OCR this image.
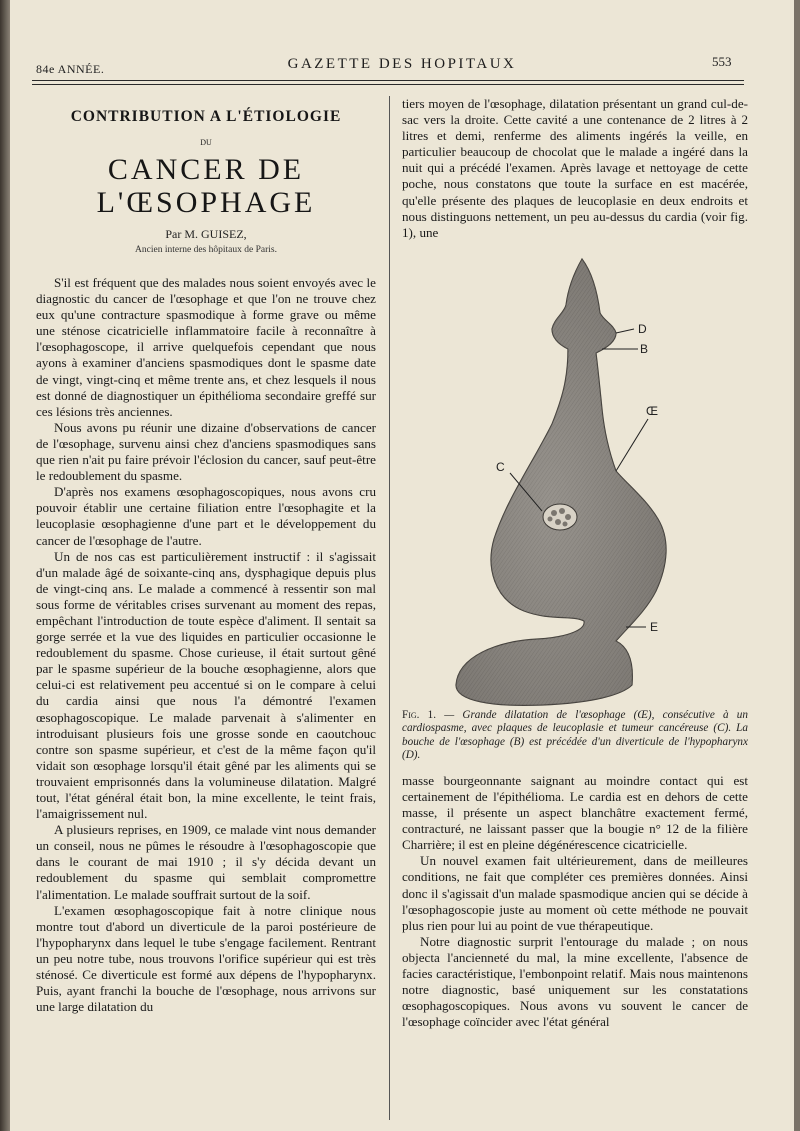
84e ANNÉE.	GAZETTE DES HOPITAUX	553
CONTRIBUTION A L'ÉTIOLOGIE
DU
CANCER DE L'ŒSOPHAGE
Par M. GUISEZ,
Ancien interne des hôpitaux de Paris.

S'il est fréquent que des malades nous soient envoyés avec le diagnostic du cancer de l'œsophage et que l'on ne trouve chez eux qu'une contracture spasmodique à forme grave ou même une sténose cicatricielle inflammatoire facile à reconnaître à l'œsophagoscope, il arrive quelquefois cependant que nous ayons à examiner d'anciens spasmodiques dont le spasme date de vingt, vingt-cinq et même trente ans, et chez lesquels il nous est donné de diagnostiquer un épithélioma secondaire greffé sur ces lésions très anciennes.

Nous avons pu réunir une dizaine d'observations de cancer de l'œsophage, survenu ainsi chez d'anciens spasmodiques sans que rien n'ait pu faire prévoir l'éclosion du cancer, sauf peut-être le redoublement du spasme.

D'après nos examens œsophagoscopiques, nous avons cru pouvoir établir une certaine filiation entre l'œsophagite et la leucoplasie œsophagienne d'une part et le développement du cancer de l'œsophage de l'autre.

Un de nos cas est particulièrement instructif : il s'agissait d'un malade âgé de soixante-cinq ans, dysphagique depuis plus de vingt-cinq ans. Le malade a commencé à ressentir son mal sous forme de véritables crises survenant au moment des repas, empêchant l'introduction de toute espèce d'aliment. Il sentait sa gorge serrée et la vue des liquides en particulier occasionne le redoublement du spasme. Chose curieuse, il était surtout gêné par le spasme supérieur de la bouche œsophagienne, alors que celui-ci est relativement peu accentué si on le compare à celui du cardia ainsi que nous l'a démontré l'examen œsophagoscopique. Le malade parvenait à s'alimenter en introduisant plusieurs fois une grosse sonde en caoutchouc contre son spasme supérieur, et c'est de la même façon qu'il vidait son œsophage lorsqu'il était gêné par les aliments qui se trouvaient emprisonnés dans la volumineuse dilatation. Malgré tout, l'état général était bon, la mine excellente, le teint frais, l'amaigrissement nul.

A plusieurs reprises, en 1909, ce malade vint nous demander un conseil, nous ne pûmes le résoudre à l'œsophagoscopie que dans le courant de mai 1910 ; il s'y décida devant un redoublement du spasme qui semblait compromettre l'alimentation. Le malade souffrait surtout de la soif.

L'examen œsophagoscopique fait à notre clinique nous montre tout d'abord un diverticule de la paroi postérieure de l'hypopharynx dans lequel le tube s'engage facilement. Rentrant un peu notre tube, nous trouvons l'orifice supérieur qui est très sténosé. Ce diverticule est formé aux dépens de l'hypopharynx. Puis, ayant franchi la bouche de l'œsophage, nous arrivons sur une large dilatation du

tiers moyen de l'œsophage, dilatation présentant un grand cul-de-sac vers la droite. Cette cavité a une contenance de 2 litres à 2 litres et demi, renferme des aliments ingérés la veille, en particulier beaucoup de chocolat que le malade a ingéré dans la nuit qui a précédé l'examen. Après lavage et nettoyage de cette poche, nous constatons que toute la surface en est macérée, qu'elle présente des plaques de leucoplasie en deux endroits et nous distinguons nettement, un peu au-dessus du cardia (voir fig. 1), une

D
B
Œ
C
E

Fig. 1. — Grande dilatation de l'œsophage (Œ), consécutive à un cardiospasme, avec plaques de leucoplasie et tumeur cancéreuse (C). La bouche de l'œsophage (B) est précédée d'un diverticule de l'hypopharynx (D).

masse bourgeonnante saignant au moindre contact qui est certainement de l'épithélioma. Le cardia est en dehors de cette masse, il présente un aspect blanchâtre exactement fermé, contracturé, ne laissant passer que la bougie n° 12 de la filière Charrière; il est en pleine dégénérescence cicatricielle.

Un nouvel examen fait ultérieurement, dans de meilleures conditions, ne fait que compléter ces premières données. Ainsi donc il s'agissait d'un malade spasmodique ancien qui se décide à l'œsophagoscopie juste au moment où cette méthode ne pouvait plus rien pour lui au point de vue thérapeutique.

Notre diagnostic surprit l'entourage du malade ; on nous objecta l'ancienneté du mal, la mine excellente, l'absence de facies caractéristique, l'embonpoint relatif. Mais nous maintenons notre diagnostic, basé uniquement sur les constatations œsophagoscopiques. Nous avons vu souvent le cancer de l'œsophage coïncider avec l'état général
